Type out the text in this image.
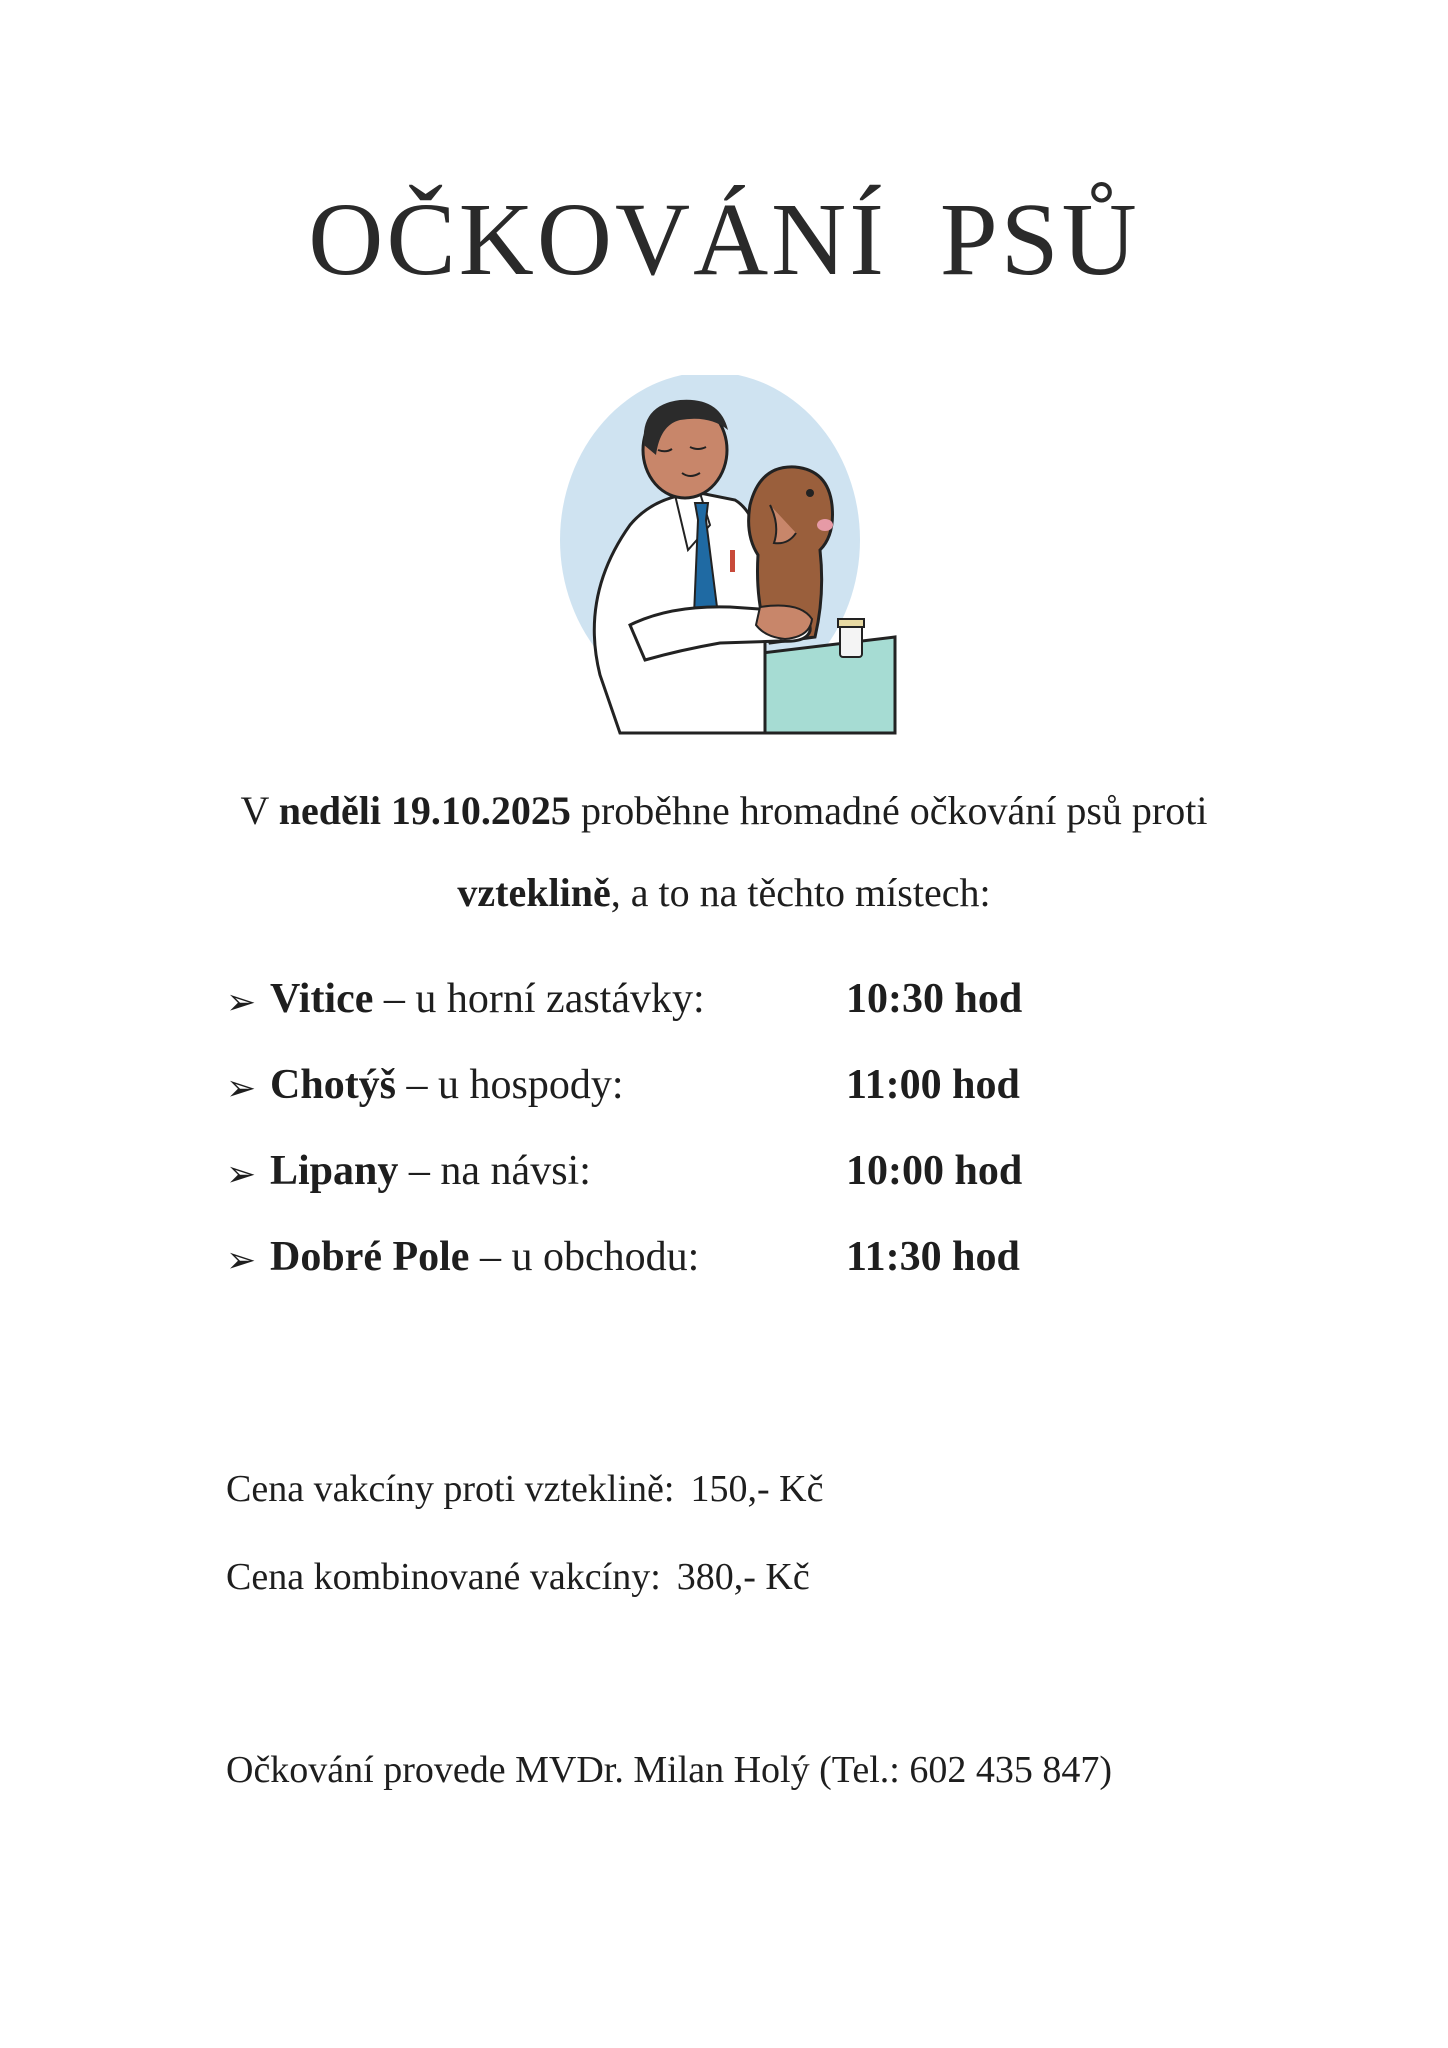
OČKOVÁNÍ PSŮ
V neděli 19.10.2025 proběhne hromadné očkování psů proti
vzteklině, a to na těchto místech:
➢ Vitice – u horní zastávky:	10:30 hod
➢ Chotýš – u hospody:	11:00 hod
➢ Lipany – na návsi:	10:00 hod
➢ Dobré Pole – u obchodu:	11:30 hod
Cena vakcíny proti vzteklině: 150,- Kč
Cena kombinované vakcíny: 380,- Kč
Očkování provede MVDr. Milan Holý (Tel.: 602 435 847)
